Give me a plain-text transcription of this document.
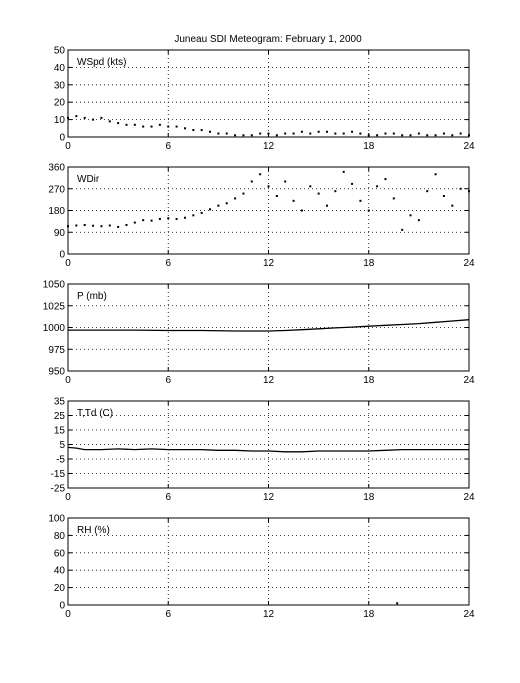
Juneau SDI Meteogram: February 1, 2000
0	6	12	18	24
0
10
20
30
40
50
WSpd (kts)
0	6	12	18	24
0
90
180
270
360
WDir
0	6	12	18	24
950
975
1000
1025
1050
P (mb)
0	6	12	18	24
-25
-15
-5
5
15
25
35
T,Td (C)
0	6	12	18	24
0
20
40
60
80
100
RH (%)
